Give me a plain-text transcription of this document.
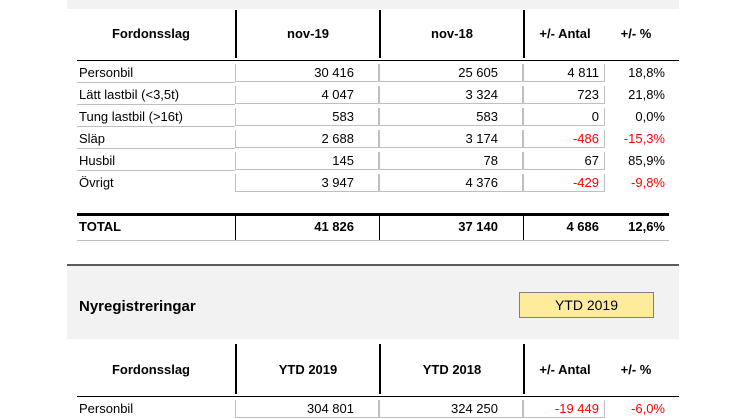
Fordonsslag	nov-19	nov-18	+/- Antal	+/- %
Personbil	30 416	25 605	4 811	18,8%
Lätt lastbil (<3,5t)	4 047	3 324	723	21,8%
Tung lastbil (>16t)	583	583	0	0,0%
Släp	2 688	3 174	-486	-15,3%
Husbil	145	78	67	85,9%
Övrigt	3 947	4 376	-429	-9,8%
TOTAL	41 826	37 140	4 686	12,6%
Nyregistreringar	YTD 2019
Fordonsslag	YTD 2019	YTD 2018	+/- Antal	+/- %
Personbil	304 801	324 250	-19 449	-6,0%
